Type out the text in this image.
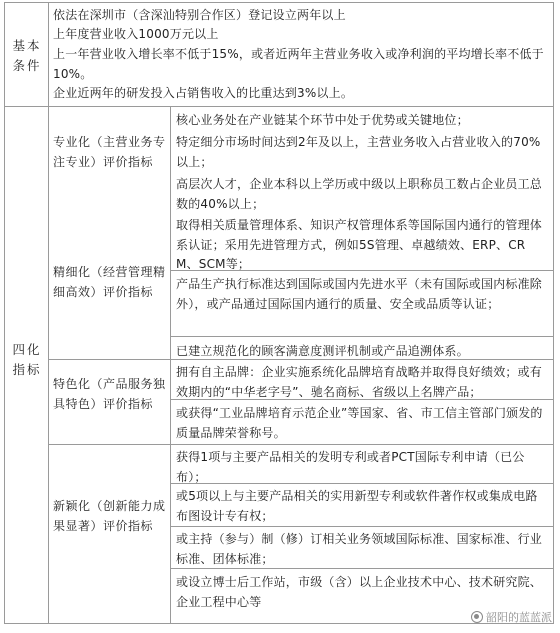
基本
条件
依法在深圳市（含深汕特别合作区）登记设立两年以上
上年度营业收入1000万元以上
上一年营业收入增长率不低于15%，或者近两年主营业务收入或净利润的平均增长率不低于10%。
企业近两年的研发投入占销售收入的比重达到3%以上。
四化
指标
专业化（主营业务专注专业）评价指标
精细化（经营管理精细高效）评价指标
特色化（产品服务独具特色）评价指标
新颖化（创新能力成果显著）评价指标
核心业务处在产业链某个环节中处于优势或关键地位；
特定细分市场时间达到2年及以上，主营业务收入占营业收入的70%以上；
高层次人才，企业本科以上学历或中级以上职称员工数占企业员工总数的40%以上；
取得相关质量管理体系、知识产权管理体系等国际国内通行的管理体系认证；采用先进管理方式，例如5S管理、卓越绩效、ERP、CRM、SCM等；
产品生产执行标准达到国际或国内先进水平（未有国际或国内标准除外），或产品通过国际国内通行的质量、安全或品质等认证；
已建立规范化的顾客满意度测评机制或产品追溯体系。
拥有自主品牌：企业实施系统化品牌培育战略并取得良好绩效；或有效期内的“中华老字号”、驰名商标、省级以上名牌产品；
或获得“工业品牌培育示范企业”等国家、省、市工信主管部门颁发的质量品牌荣誉称号。
获得1项与主要产品相关的发明专利或者PCT国际专利申请（已公布）；
或5项以上与主要产品相关的实用新型专利或软件著作权或集成电路布图设计专有权；
或主持（参与）制（修）订相关业务领域国际标准、国家标准、行业标准、团体标准；
或设立博士后工作站，市级（含）以上企业技术中心、技术研究院、企业工程中心等
韶阳的蓝蓝派
